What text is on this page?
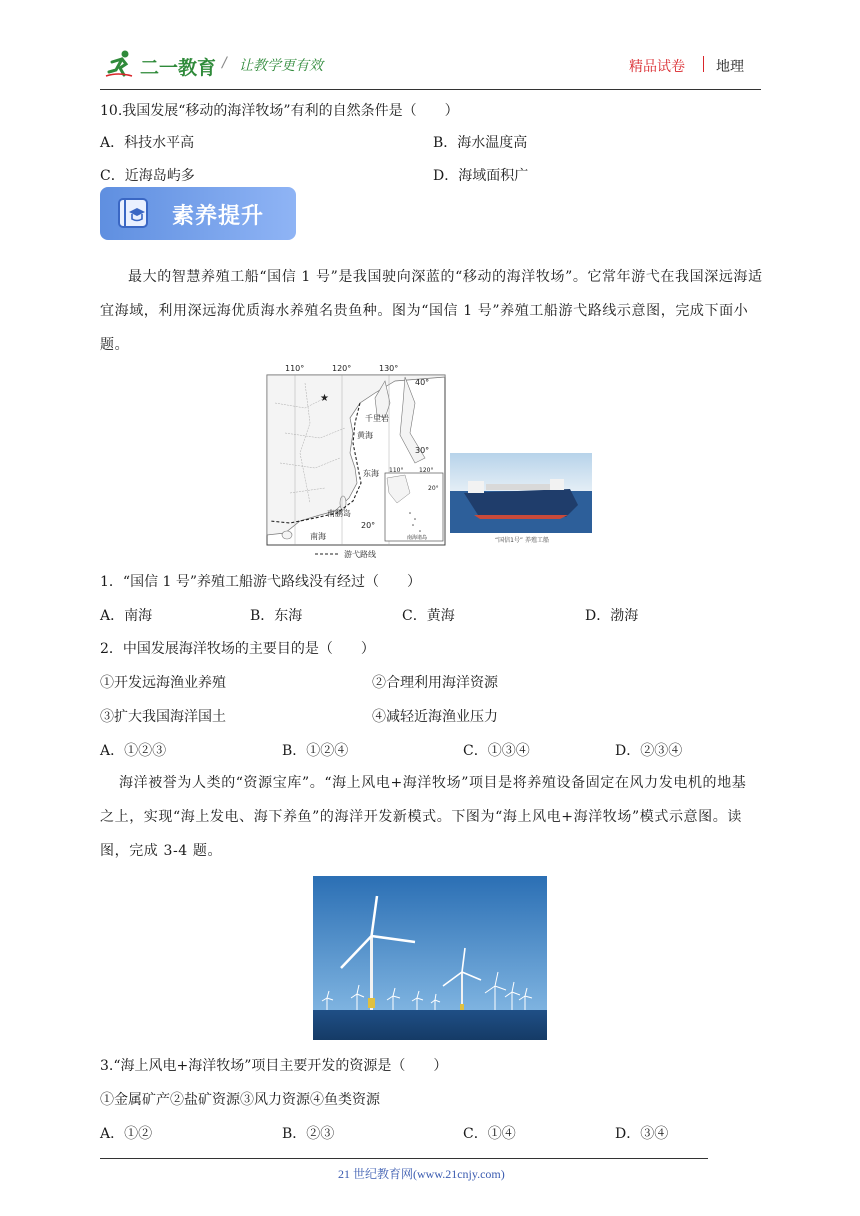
二一教育 / 让教学更有效	精品试卷 地理
10.我国发展“移动的海洋牧场”有利的自然条件是（　　）
A．科技水平高	B．海水温度高
C．近海岛屿多	D．海域面积广
素养提升
最大的智慧养殖工船“国信 1 号”是我国驶向深蓝的“移动的海洋牧场”。它常年游弋在我国深远海适
宜海域，利用深远海优质海水养殖名贵鱼种。图为“国信 1 号”养殖工船游弋路线示意图，完成下面小
题。
★
110°	120°	130°
40°
30°
20°
千里岩
黄海
东海
南鹏岛
南海
110°	120°
20°
南海诸岛
游弋路线
“国信1号” 养殖工船
1．“国信 1 号”养殖工船游弋路线没有经过（　　）
A．南海	B．东海	C．黄海	D．渤海
2．中国发展海洋牧场的主要目的是（　　）
①开发远海渔业养殖	②合理利用海洋资源
③扩大我国海洋国土	④减轻近海渔业压力
A．①②③	B．①②④	C．①③④	D．②③④
海洋被誉为人类的“资源宝库”。“海上风电+海洋牧场”项目是将养殖设备固定在风力发电机的地基
之上，实现“海上发电、海下养鱼”的海洋开发新模式。下图为“海上风电+海洋牧场”模式示意图。读
图，完成 3-4 题。
3.“海上风电+海洋牧场”项目主要开发的资源是（　　）
①金属矿产②盐矿资源③风力资源④鱼类资源
A．①②	B．②③	C．①④	D．③④
21 世纪教育网(www.21cnjy.com)
